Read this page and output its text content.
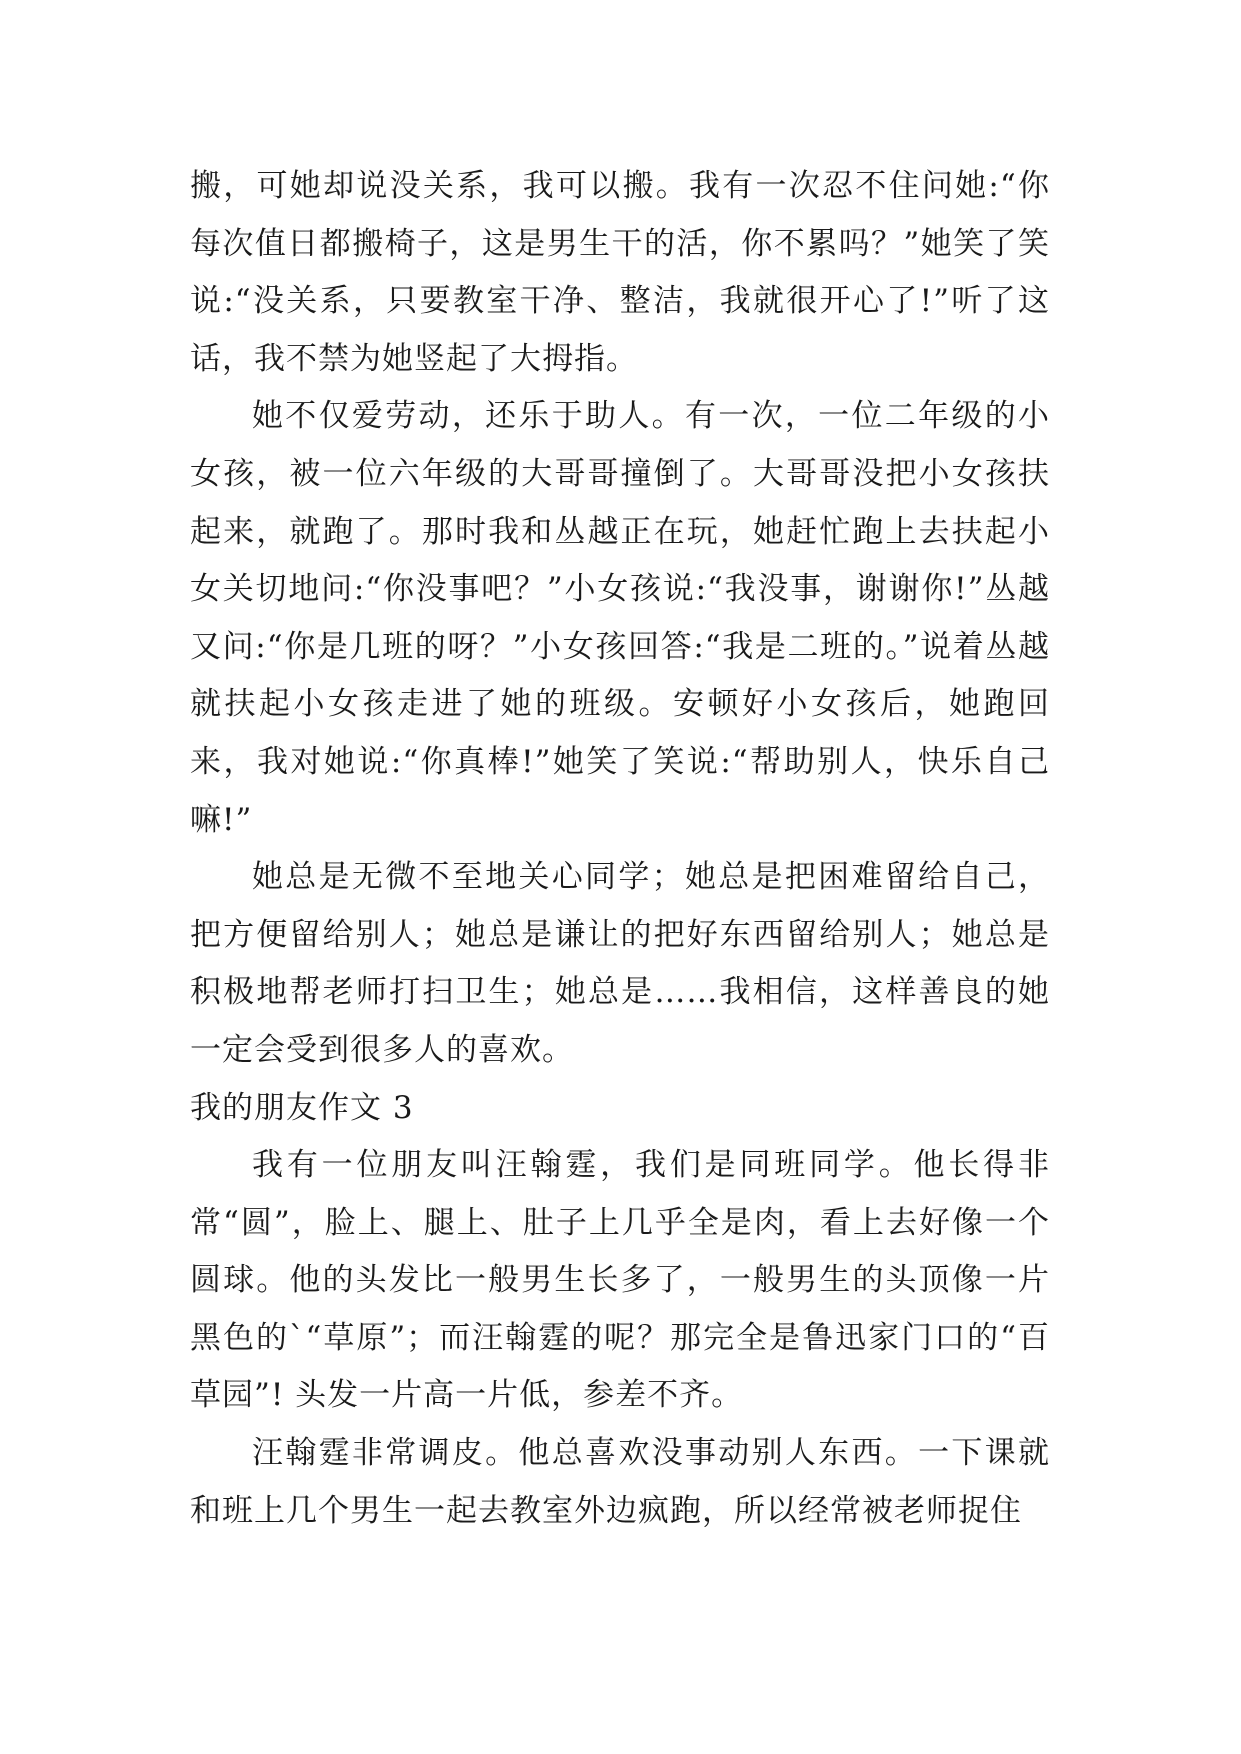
搬，可她却说没关系，我可以搬。我有一次忍不住问她:“你每次值日都搬椅子，这是男生干的活，你不累吗？”她笑了笑说:“没关系，只要教室干净、整洁，我就很开心了!”听了这话，我不禁为她竖起了大拇指。

她不仅爱劳动，还乐于助人。有一次，一位二年级的小女孩，被一位六年级的大哥哥撞倒了。大哥哥没把小女孩扶起来，就跑了。那时我和丛越正在玩，她赶忙跑上去扶起小女关切地问:“你没事吧？”小女孩说:“我没事，谢谢你!”丛越又问:“你是几班的呀？”小女孩回答:“我是二班的。”说着丛越就扶起小女孩走进了她的班级。安顿好小女孩后，她跑回来，我对她说:“你真棒!”她笑了笑说:“帮助别人，快乐自己嘛!”

她总是无微不至地关心同学；她总是把困难留给自己，把方便留给别人；她总是谦让的把好东西留给别人；她总是积极地帮老师打扫卫生；她总是……我相信，这样善良的她一定会受到很多人的喜欢。

我的朋友作文 3

我有一位朋友叫汪翰霆，我们是同班同学。他长得非常“圆”，脸上、腿上、肚子上几乎全是肉，看上去好像一个圆球。他的头发比一般男生长多了，一般男生的头顶像一片黑色的`“草原”；而汪翰霆的呢？那完全是鲁迅家门口的“百草园”! 头发一片高一片低，参差不齐。

汪翰霆非常调皮。他总喜欢没事动别人东西。一下课就和班上几个男生一起去教室外边疯跑，所以经常被老师捉住
